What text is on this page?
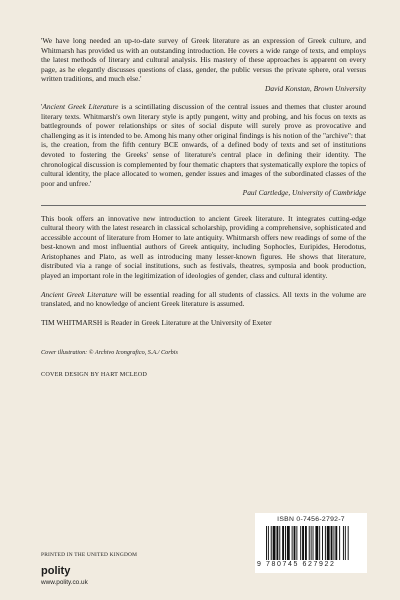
'We have long needed an up-to-date survey of Greek literature as an expression of Greek culture, and Whitmarsh has provided us with an outstanding introduction. He covers a wide range of texts, and employs the latest methods of literary and cultural analysis. His mastery of these approaches is apparent on every page, as he elegantly discusses questions of class, gender, the public versus the private sphere, oral versus written traditions, and much else.'

David Konstan, Brown University

'Ancient Greek Literature is a scintillating discussion of the central issues and themes that cluster around literary texts. Whitmarsh's own literary style is aptly pungent, witty and probing, and his focus on texts as battlegrounds of power relationships or sites of social dispute will surely prove as provocative and challenging as it is intended to be. Among his many other original findings is his notion of the "archive": that is, the creation, from the fifth century BCE onwards, of a defined body of texts and set of institutions devoted to fostering the Greeks' sense of literature's central place in defining their identity. The chronological discussion is complemented by four thematic chapters that systematically explore the topics of cultural identity, the place allocated to women, gender issues and images of the subordinated classes of the poor and unfree.'

Paul Cartledge, University of Cambridge

This book offers an innovative new introduction to ancient Greek literature. It integrates cutting-edge cultural theory with the latest research in classical scholarship, providing a comprehensive, sophisticated and accessible account of literature from Homer to late antiquity. Whitmarsh offers new readings of some of the best-known and most influential authors of Greek antiquity, including Sophocles, Euripides, Herodotus, Aristophanes and Plato, as well as introducing many lesser-known figures. He shows that literature, distributed via a range of social institutions, such as festivals, theatres, symposia and book production, played an important role in the legitimization of ideologies of gender, class and cultural identity.

Ancient Greek Literature will be essential reading for all students of classics. All texts in the volume are translated, and no knowledge of ancient Greek literature is assumed.

TIM WHITMARSH is Reader in Greek Literature at the University of Exeter

Cover illustration: © Archivo Icongrafico, S.A./ Corbis
COVER DESIGN BY HART MCLEOD
PRINTED IN THE UNITED KINGDOM
polity
www.polity.co.uk
ISBN 0-7456-2792-7
9 780745 627922
